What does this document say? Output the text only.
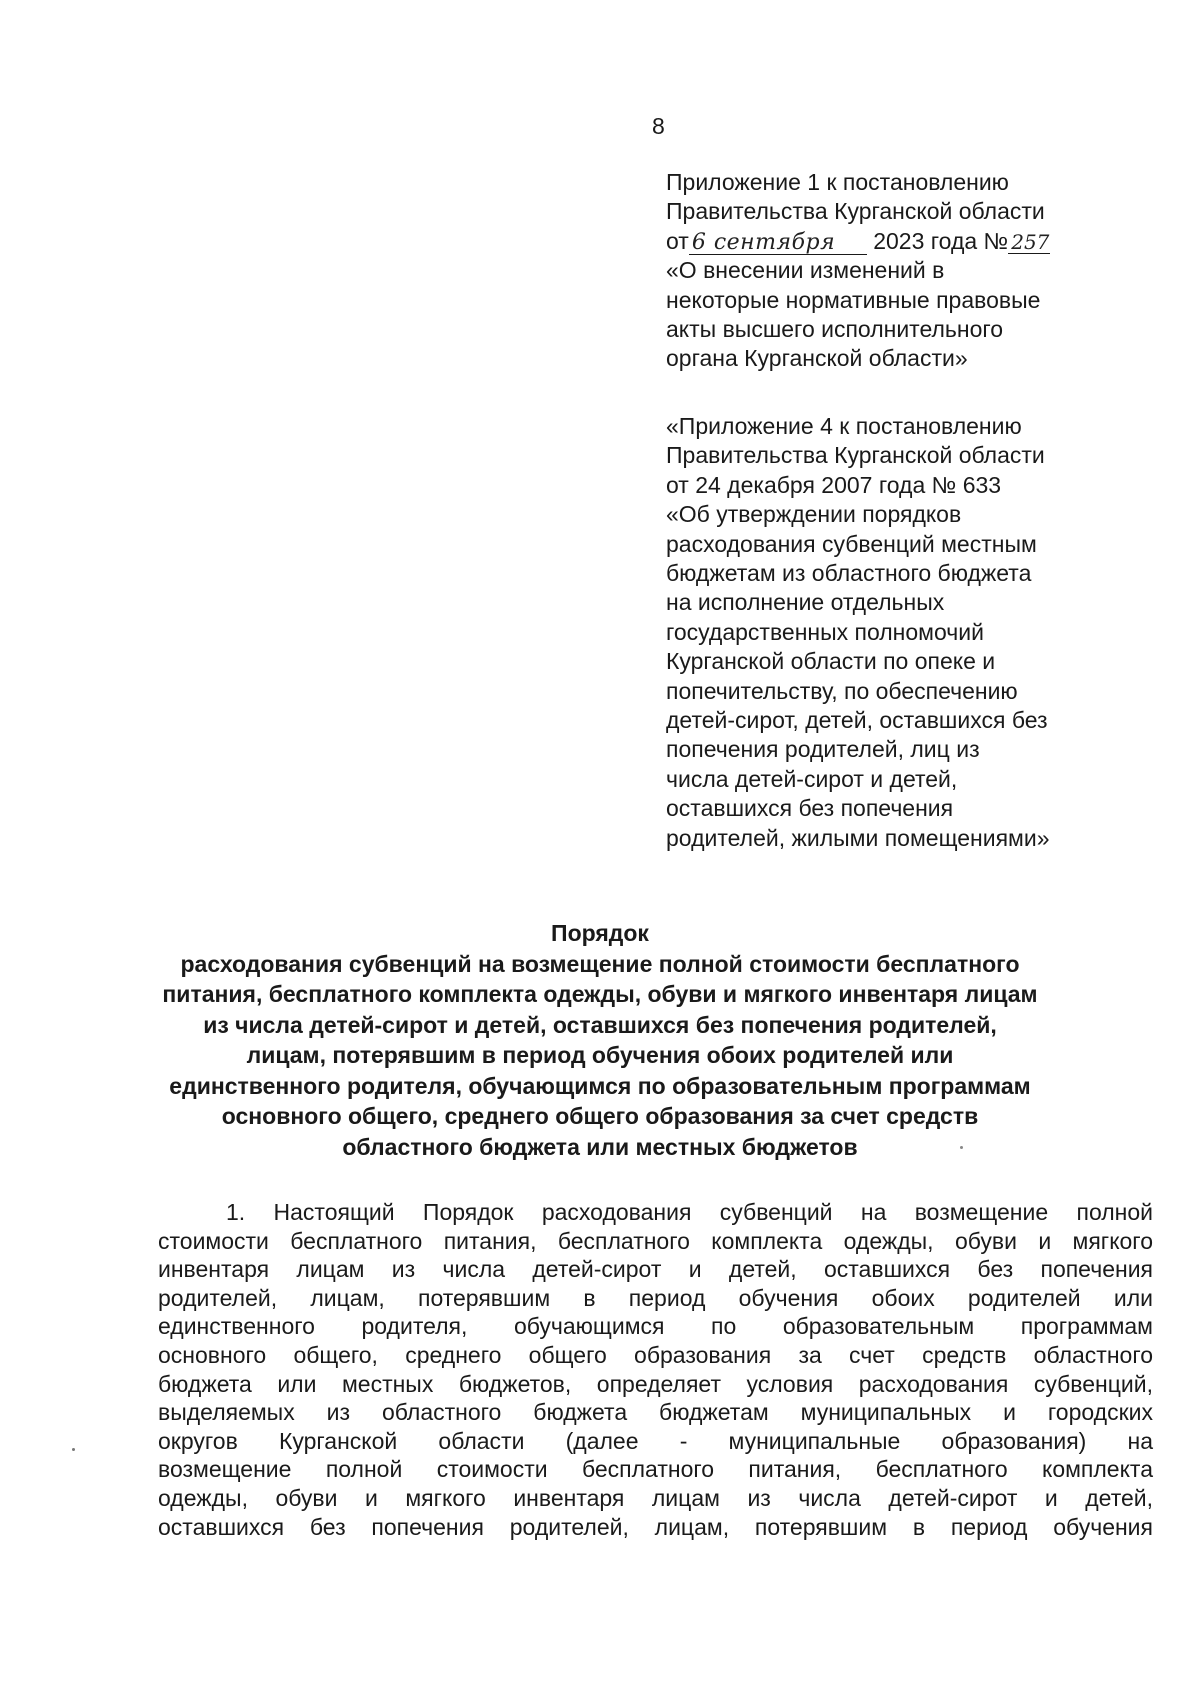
8
Приложение 1 к постановлению
Правительства Курганской области
от 6 сентября 2023 года № 257
«О внесении изменений в
некоторые нормативные правовые
акты высшего исполнительного
органа Курганской области»
«Приложение 4 к постановлению
Правительства Курганской области
от 24 декабря 2007 года № 633
«Об утверждении порядков
расходования субвенций местным
бюджетам из областного бюджета
на исполнение отдельных
государственных полномочий
Курганской области по опеке и
попечительству, по обеспечению
детей-сирот, детей, оставшихся без
попечения родителей, лиц из
числа детей-сирот и детей,
оставшихся без попечения
родителей, жилыми помещениями»
Порядок
расходования субвенций на возмещение полной стоимости бесплатного
питания, бесплатного комплекта одежды, обуви и мягкого инвентаря лицам
из числа детей-сирот и детей, оставшихся без попечения родителей,
лицам, потерявшим в период обучения обоих родителей или
единственного родителя, обучающимся по образовательным программам
основного общего, среднего общего образования за счет средств
областного бюджета или местных бюджетов
1. Настоящий Порядок расходования субвенций на возмещение полной
стоимости бесплатного питания, бесплатного комплекта одежды, обуви и мягкого
инвентаря лицам из числа детей-сирот и детей, оставшихся без попечения
родителей, лицам, потерявшим в период обучения обоих родителей или
единственного родителя, обучающимся по образовательным программам
основного общего, среднего общего образования за счет средств областного
бюджета или местных бюджетов, определяет условия расходования субвенций,
выделяемых из областного бюджета бюджетам муниципальных и городских
округов Курганской области (далее - муниципальные образования) на
возмещение полной стоимости бесплатного питания, бесплатного комплекта
одежды, обуви и мягкого инвентаря лицам из числа детей-сирот и детей,
оставшихся без попечения родителей, лицам, потерявшим в период обучения
